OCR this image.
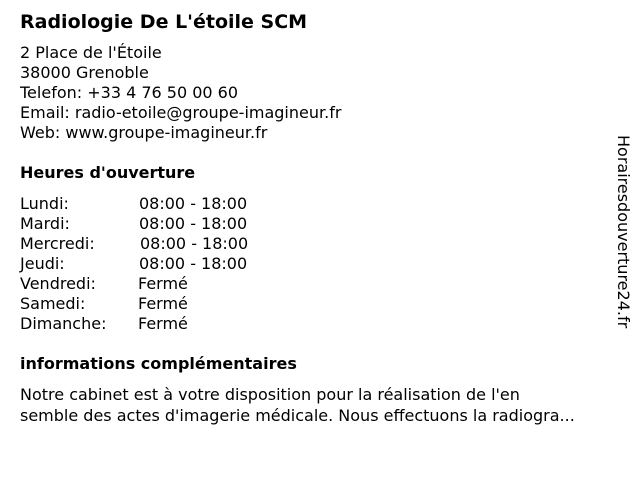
Radiologie De L'étoile SCM
2 Place de l'Étoile
38000 Grenoble
Telefon: +33 4 76 50 00 60
Email: radio-etoile@groupe-imagineur.fr
Web: www.groupe-imagineur.fr
Heures d'ouverture
Lundi:	08:00 - 18:00
Mardi:	08:00 - 18:00
Mercredi:	08:00 - 18:00
Jeudi:	08:00 - 18:00
Vendredi:	Fermé
Samedi:	Fermé
Dimanche: Fermé
informations complémentaires
Notre cabinet est à votre disposition pour la réalisation de l'en
semble des actes d'imagerie médicale. Nous effectuons la radiogra...
Horairesdouverture24.fr
